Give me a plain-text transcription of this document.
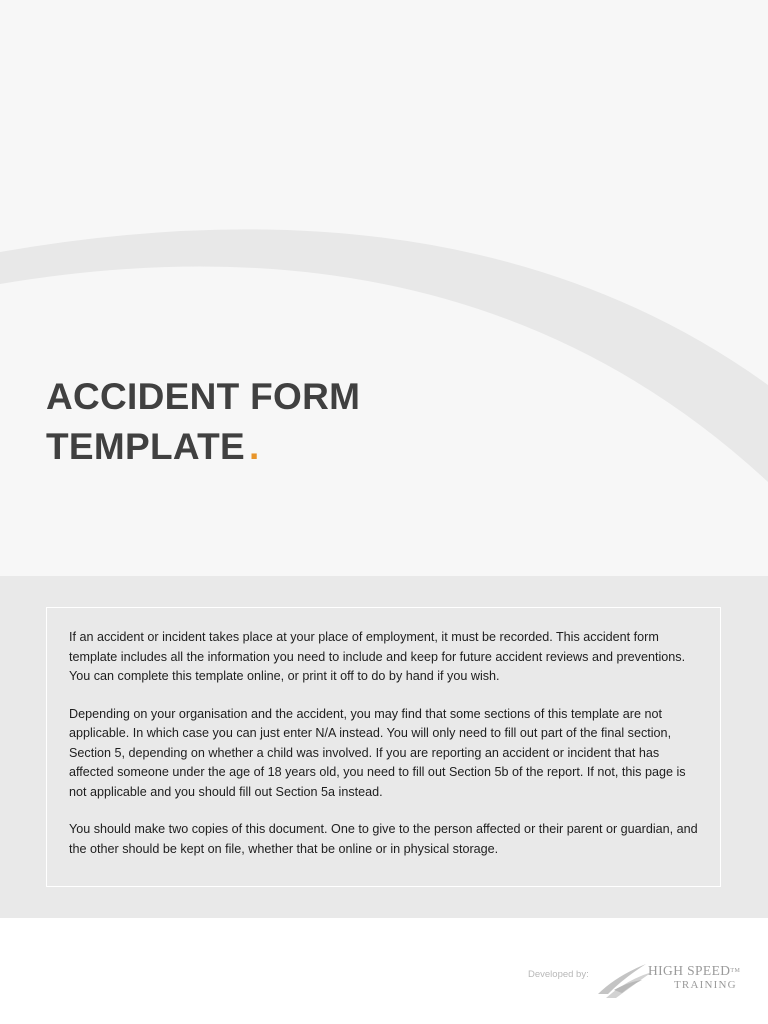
ACCIDENT FORM
TEMPLATE .

If an accident or incident takes place at your place of employment, it must be recorded. This accident form template includes all the information you need to include and keep for future accident reviews and preventions. You can complete this template online, or print it off to do by hand if you wish.

Depending on your organisation and the accident, you may find that some sections of this template are not applicable. In which case you can just enter N/A instead. You will only need to fill out part of the final section, Section 5, depending on whether a child was involved. If you are reporting an accident or incident that has affected someone under the age of 18 years old, you need to fill out Section 5b of the report. If not, this page is not applicable and you should fill out Section 5a instead.

You should make two copies of this document. One to give to the person affected or their parent or guardian, and the other should be kept on file, whether that be online or in physical storage.

Developed by:	HIGH SPEED™
TRAINING
